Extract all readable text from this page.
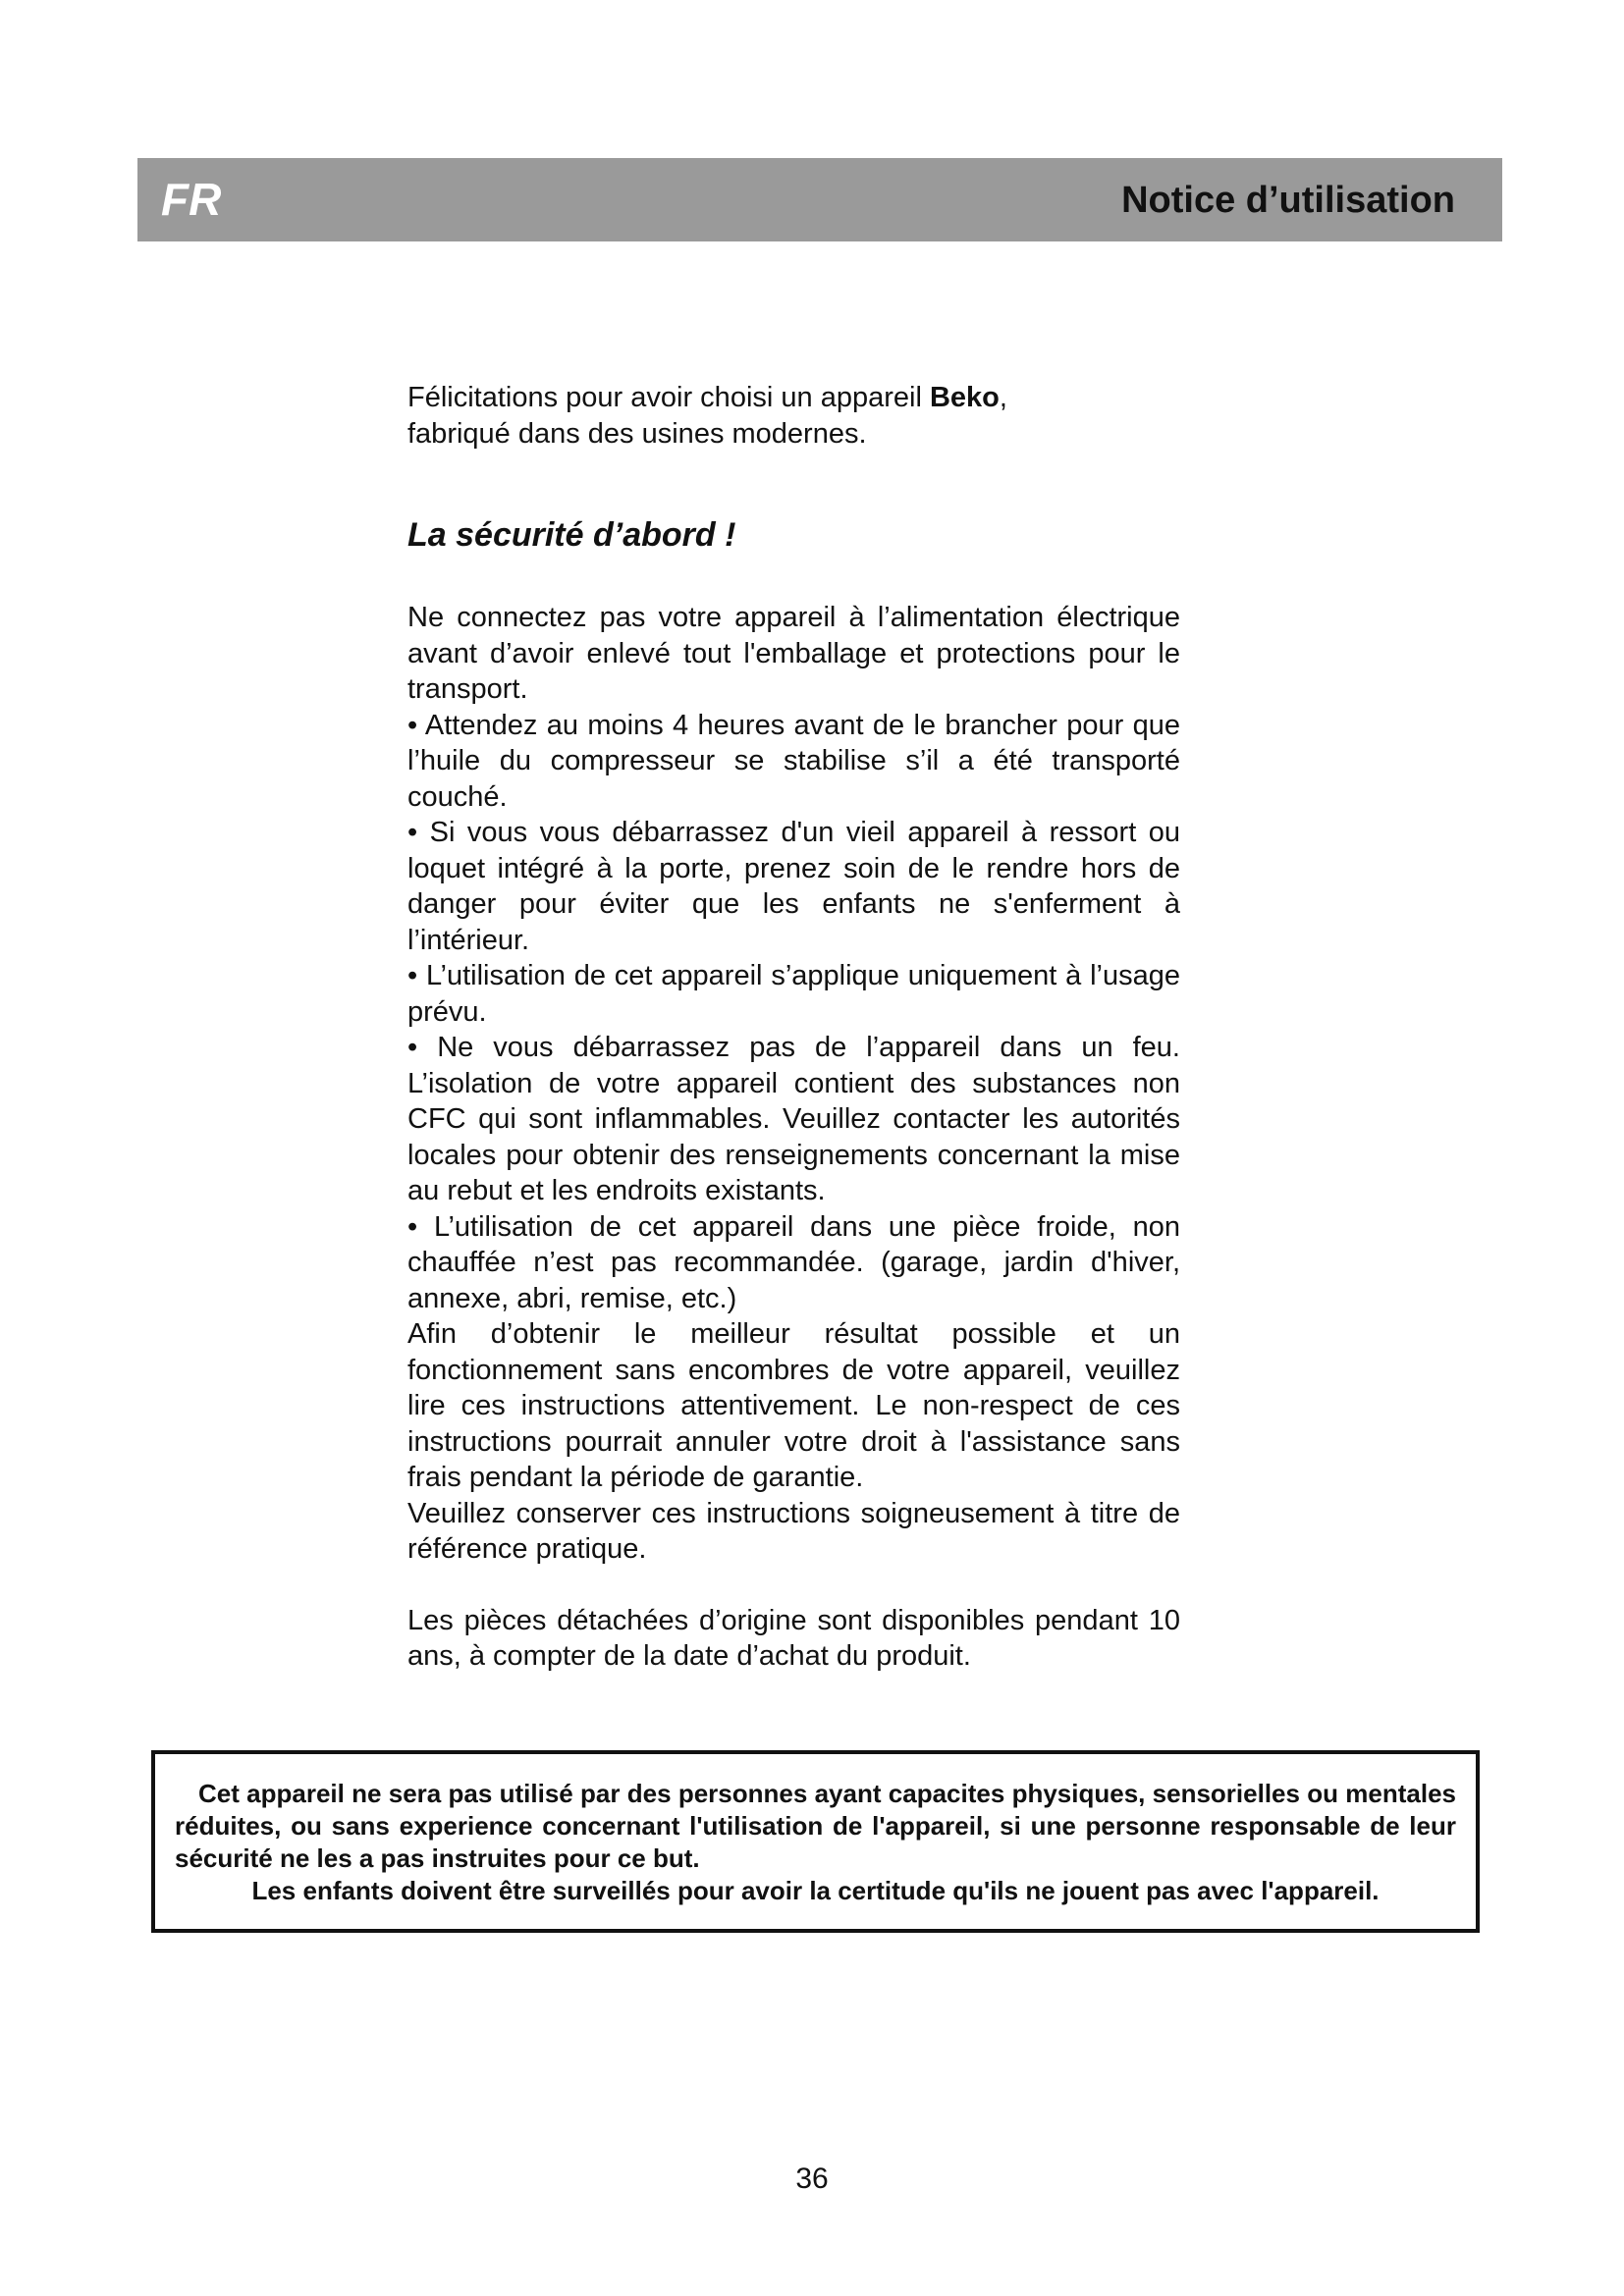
FR	Notice d’utilisation

Félicitations pour avoir choisi un appareil Beko,
fabriqué dans des usines modernes.

La sécurité d’abord !

Ne connectez pas votre appareil à l’alimentation électrique avant d’avoir enlevé tout l'emballage et protections pour le transport.

• Attendez au moins 4 heures avant de le brancher pour que l’huile du compresseur se stabilise s’il a été transporté couché.

• Si vous vous débarrassez d'un vieil appareil à ressort ou loquet intégré à la porte, prenez soin de le rendre hors de danger pour éviter que les enfants ne s'enferment à l’intérieur.

• L’utilisation de cet appareil s’applique uniquement à l’usage prévu.

• Ne vous débarrassez pas de l’appareil dans un feu. L’isolation de votre appareil contient des substances non CFC qui sont inflammables. Veuillez contacter les autorités locales pour obtenir des renseignements concernant la mise au rebut et les endroits existants.

• L’utilisation de cet appareil dans une pièce froide, non chauffée n’est pas recommandée. (garage, jardin d'hiver, annexe, abri, remise, etc.)

Afin d’obtenir le meilleur résultat possible et un fonctionnement sans encombres de votre appareil, veuillez lire ces instructions attentivement. Le non-respect de ces instructions pourrait annuler votre droit à l'assistance sans frais pendant la période de garantie.

Veuillez conserver ces instructions soigneusement à titre de référence pratique.

Les pièces détachées d’origine sont disponibles pendant 10 ans, à compter de la date d’achat du produit.

Cet appareil ne sera pas utilisé par des personnes ayant capacites physiques, sensorielles ou mentales réduites, ou sans experience concernant l'utilisation de l'appareil, si une personne responsable de leur sécurité ne les a pas instruites pour ce but.

Les enfants doivent être surveillés pour avoir la certitude qu'ils ne jouent pas avec l'appareil.

36
